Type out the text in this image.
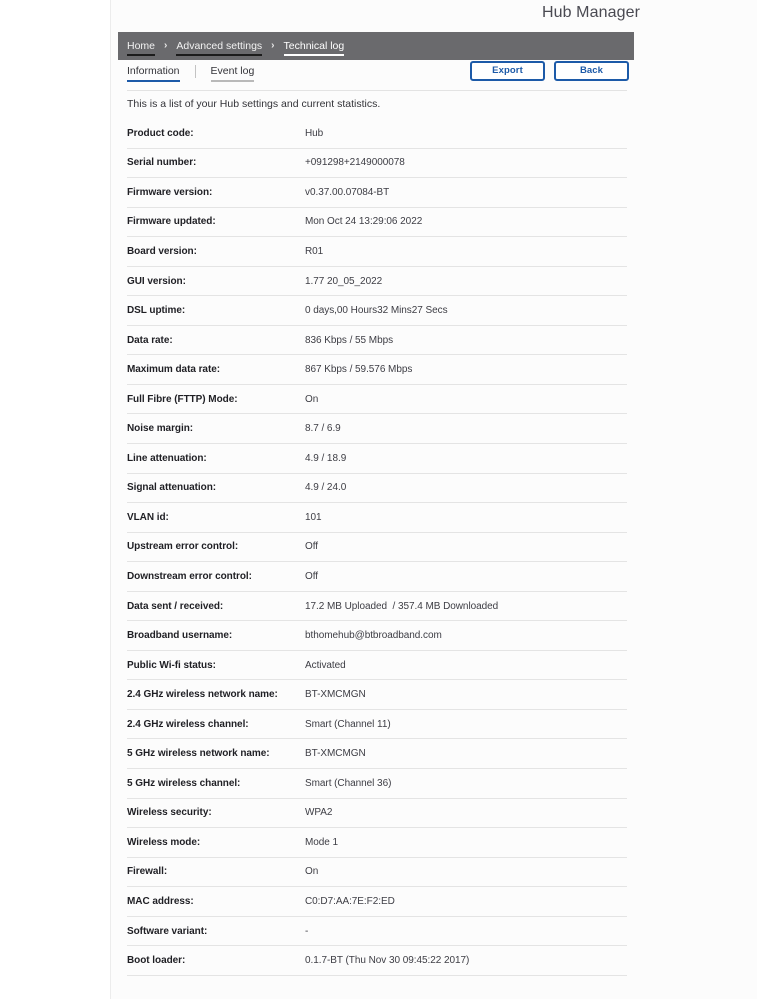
Hub Manager
Home › Advanced settings › Technical log
Information	Event log	Export	Back
This is a list of your Hub settings and current statistics.
Product code:	Hub
Serial number:	+091298+2149000078
Firmware version:	v0.37.00.07084-BT
Firmware updated:	Mon Oct 24 13:29:06 2022
Board version:	R01
GUI version:	1.77 20_05_2022
DSL uptime:	0 days,00 Hours32 Mins27 Secs
Data rate:	836 Kbps / 55 Mbps
Maximum data rate:	867 Kbps / 59.576 Mbps
Full Fibre (FTTP) Mode:	On
Noise margin:	8.7 / 6.9
Line attenuation:	4.9 / 18.9
Signal attenuation:	4.9 / 24.0
VLAN id:	101
Upstream error control:	Off
Downstream error control:	Off
Data sent / received:	17.2 MB Uploaded  / 357.4 MB Downloaded
Broadband username:	bthomehub@btbroadband.com
Public Wi-fi status:	Activated
2.4 GHz wireless network name:	BT-XMCMGN
2.4 GHz wireless channel:	Smart (Channel 11)
5 GHz wireless network name:	BT-XMCMGN
5 GHz wireless channel:	Smart (Channel 36)
Wireless security:	WPA2
Wireless mode:	Mode 1
Firewall:	On
MAC address:	C0:D7:AA:7E:F2:ED
Software variant:	-
Boot loader:	0.1.7-BT (Thu Nov 30 09:45:22 2017)
